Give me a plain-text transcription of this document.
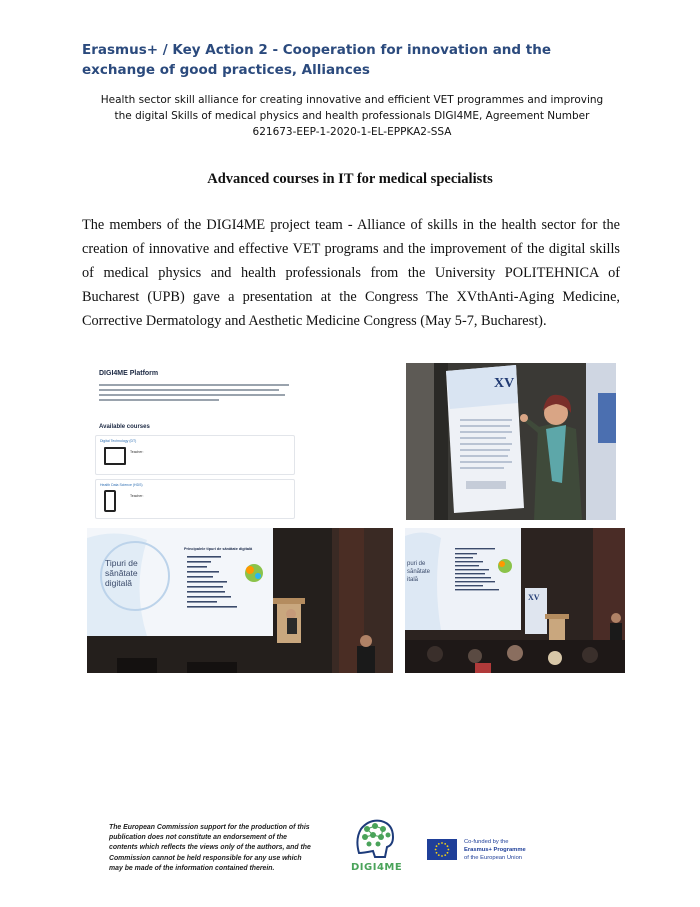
Erasmus+ / Key Action 2 - Cooperation for innovation and the exchange of good practices, Alliances

Health sector skill alliance for creating innovative and efficient VET programmes and improving the digital Skills of medical physics and health professionals DIGI4ME, Agreement Number 621673-EEP-1-2020-1-EL-EPPKA2-SSA

Advanced courses in IT for medical specialists

The members of the DIGI4ME project team - Alliance of skills in the health sector for the creation of innovative and effective VET programs and the improvement of the digital skills of medical physics and health professionals from the University POLITEHNICA of Bucharest (UPB) gave a presentation at the Congress The XVthAnti-Aging Medicine, Corrective Dermatology and Aesthetic Medicine Congress (May 5-7, Bucharest).

DIGI4ME Platform
Available courses
Digital Technology (DT)
Teacher:
Health Data Science (HDS)
Teacher:
XV
Tipuri de sănătate digitală
Principalele tipuri de sănătate digitală
puri de sănătate itală
XV

The European Commission support for the production of this publication does not constitute an endorsement of the contents which reflects the views only of the authors, and the Commission cannot be held responsible for any use which may be made of the information contained therein.	DIGI4ME

Co-funded by the
Erasmus+ Programme
of the European Union
